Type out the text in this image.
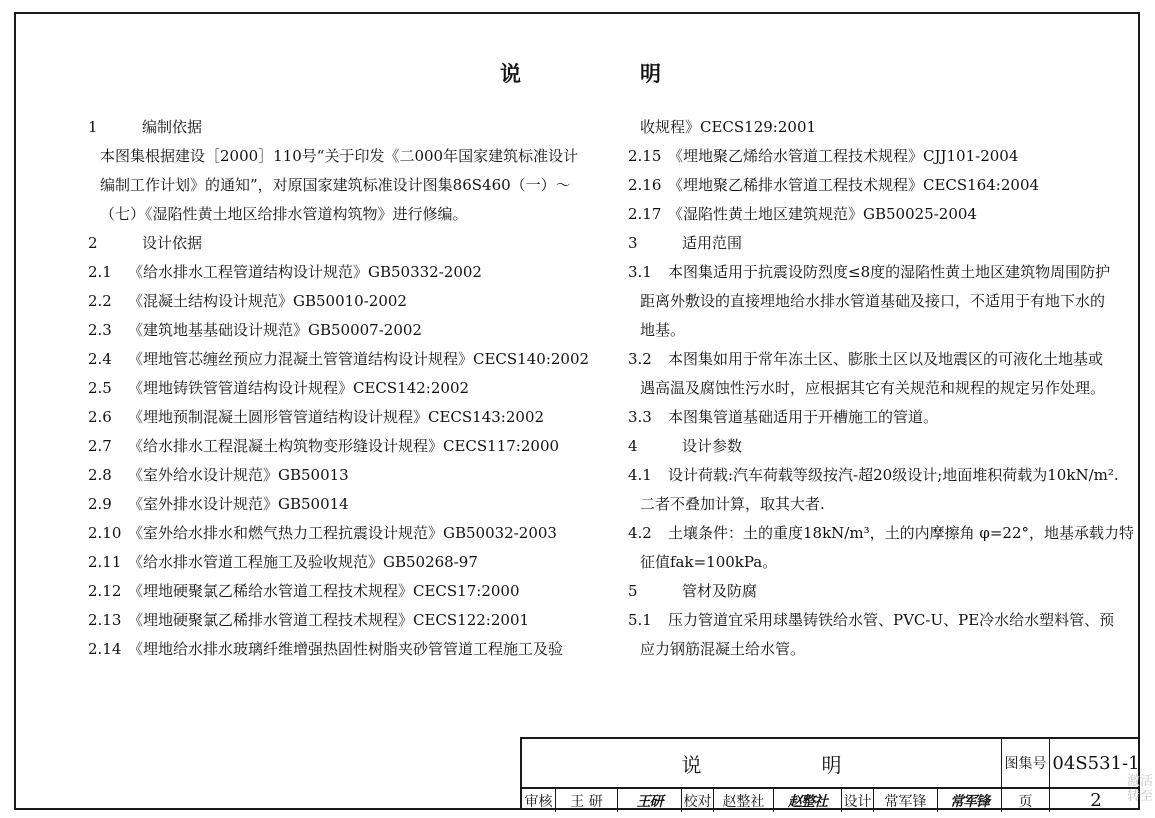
说	明
1	编制依据
本图集根据建设［2000］110号“关于印发《二000年国家建筑标准设计
编制工作计划》的通知”，对原国家建筑标准设计图集86S460（一）～
（七）《湿陷性黄土地区给排水管道构筑物》进行修编。
2	设计依据
2.1 《给水排水工程管道结构设计规范》GB50332-2002
2.2 《混凝土结构设计规范》GB50010-2002
2.3 《建筑地基基础设计规范》GB50007-2002
2.4 《埋地管芯缠丝预应力混凝土管管道结构设计规程》CECS140:2002
2.5 《埋地铸铁管管道结构设计规程》CECS142:2002
2.6 《埋地预制混凝土圆形管管道结构设计规程》CECS143:2002
2.7 《给水排水工程混凝土构筑物变形缝设计规程》CECS117:2000
2.8 《室外给水设计规范》GB50013
2.9 《室外排水设计规范》GB50014
2.10 《室外给水排水和燃气热力工程抗震设计规范》GB50032-2003
2.11 《给水排水管道工程施工及验收规范》GB50268-97
2.12 《埋地硬聚氯乙稀给水管道工程技术规程》CECS17:2000
2.13 《埋地硬聚氯乙稀排水管道工程技术规程》CECS122:2001
2.14 《埋地给水排水玻璃纤维增强热固性树脂夹砂管管道工程施工及验
收规程》CECS129:2001
2.15 《埋地聚乙烯给水管道工程技术规程》CJJ101-2004
2.16 《埋地聚乙稀排水管道工程技术规程》CECS164:2004
2.17 《湿陷性黄土地区建筑规范》GB50025-2004
3	适用范围
3.1 本图集适用于抗震设防烈度≤8度的湿陷性黄土地区建筑物周围防护
距离外敷设的直接埋地给水排水管道基础及接口，不适用于有地下水的
地基。
3.2 本图集如用于常年冻土区、膨胀土区以及地震区的可液化土地基或
遇高温及腐蚀性污水时，应根据其它有关规范和规程的规定另作处理。
3.3 本图集管道基础适用于开槽施工的管道。
4	设计参数
4.1 设计荷载:汽车荷载等级按汽-超20级设计;地面堆积荷载为10kN/m².
二者不叠加计算，取其大者.
4.2 土壤条件：土的重度18kN/m³，土的内摩擦角 φ=22°，地基承载力特
征值fak=100kPa。
5	管材及防腐
5.1 压力管道宜采用球墨铸铁给水管、PVC-U、PE冷水给水塑料管、预
应力钢筋混凝土给水管。
说	明	图集号 04S531-1
审核	王 研	王研	校对 赵整社	赵整社	设计 常军锋	常军锋	页	2
激活
转至
